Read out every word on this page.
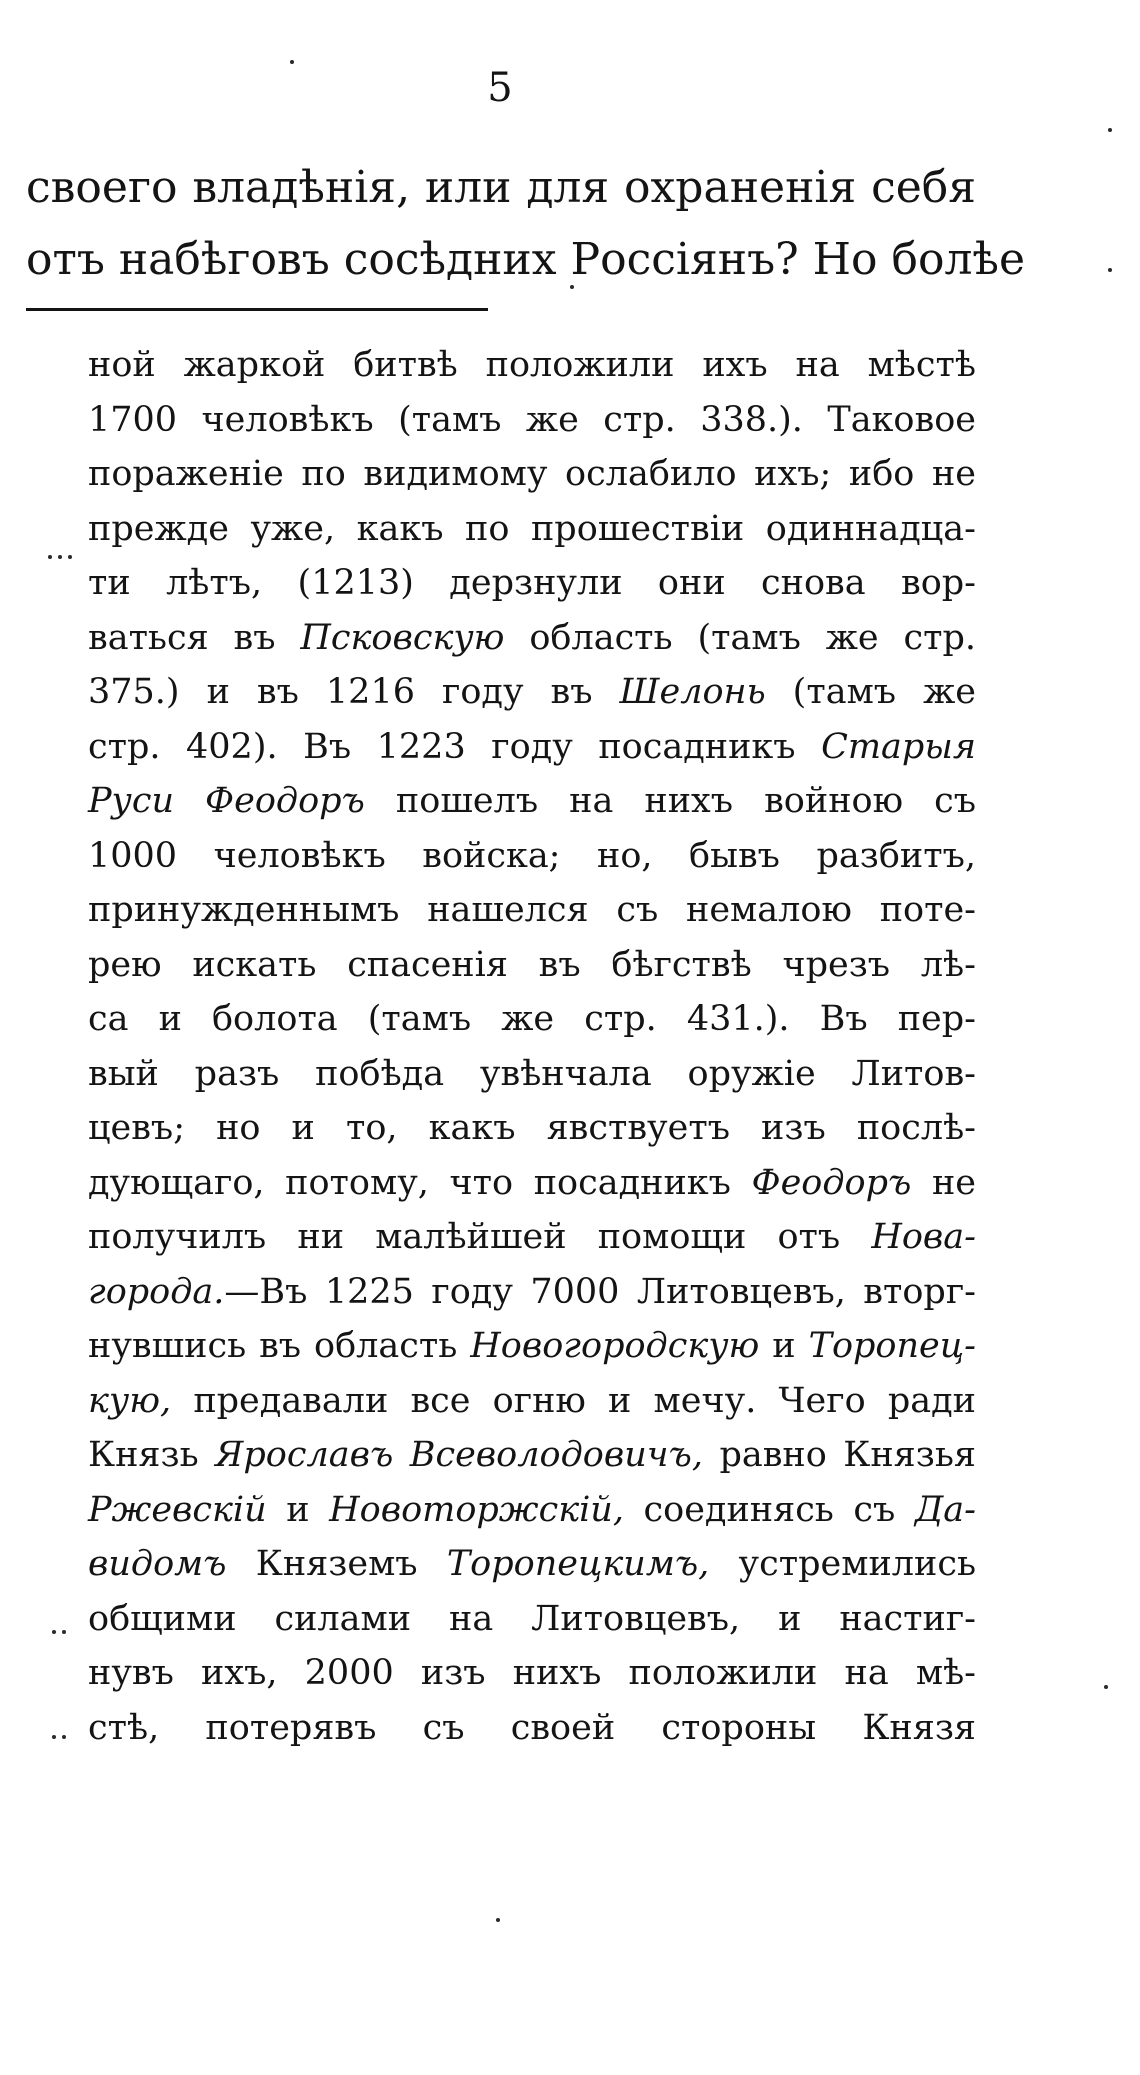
5
своего владѣнія, или для охраненія себя
отъ набѣговъ сосѣдних Россіянъ? Но болѣе
ной жаркой битвѣ положили ихъ на мѣстѣ
1700 человѣкъ (тамъ же стр. 338.). Таковое
пораженіе по видимому ослабило ихъ; ибо не
прежде уже, какъ по прошествіи одиннадца-
ти лѣтъ, (1213) дерзнули они снова вор-
ваться въ Псковскую область (тамъ же стр.
375.) и въ 1216 году въ Шелонь (тамъ же
стр. 402). Въ 1223 году посадникъ Старыя
Руси Феодоръ пошелъ на нихъ войною съ
1000 человѣкъ войска; но, бывъ разбитъ,
принужденнымъ нашелся съ немалою поте-
рею искать спасенія въ бѣгствѣ чрезъ лѣ-
са и болота (тамъ же стр. 431.). Въ пер-
вый разъ побѣда увѣнчала оружіе Литов-
цевъ; но и то, какъ явствуетъ изъ послѣ-
дующаго, потому, что посадникъ Феодоръ не
получилъ ни малѣйшей помощи отъ Нова-
города.—Въ 1225 году 7000 Литовцевъ, вторг-
нувшись въ область Новогородскую и Торопец-
кую, предавали все огню и мечу. Чего ради
Князь Ярославъ Всеволодовичъ, равно Князья
Ржевскій и Новоторжскій, соединясь съ Да-
видомъ Княземъ Торопецкимъ, устремились
общими силами на Литовцевъ, и настиг-
нувъ ихъ, 2000 изъ нихъ положили на мѣ-
стѣ, потерявъ съ своей стороны Князя
